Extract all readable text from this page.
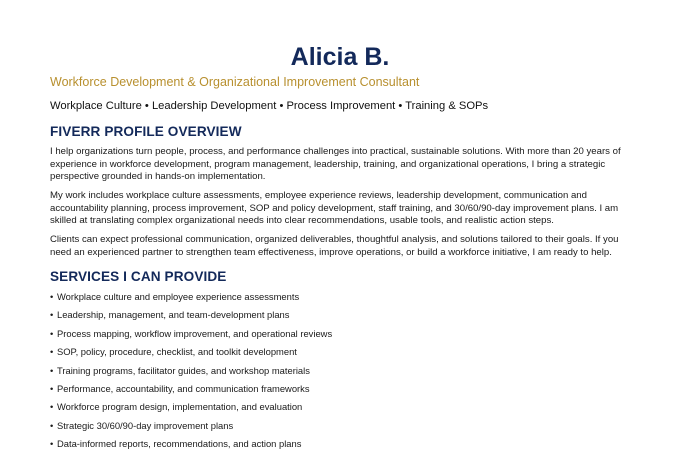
Alicia B.
Workforce Development & Organizational Improvement Consultant
Workplace Culture • Leadership Development • Process Improvement • Training & SOPs
FIVERR PROFILE OVERVIEW
I help organizations turn people, process, and performance challenges into practical, sustainable solutions. With more than 20 years of experience in workforce development, program management, leadership, training, and organizational operations, I bring a strategic perspective grounded in hands-on implementation.
My work includes workplace culture assessments, employee experience reviews, leadership development, communication and accountability planning, process improvement, SOP and policy development, staff training, and 30/60/90-day improvement plans. I am skilled at translating complex organizational needs into clear recommendations, usable tools, and realistic action steps.
Clients can expect professional communication, organized deliverables, thoughtful analysis, and solutions tailored to their goals. If you need an experienced partner to strengthen team effectiveness, improve operations, or build a workforce initiative, I am ready to help.
SERVICES I CAN PROVIDE
• Workplace culture and employee experience assessments
• Leadership, management, and team-development plans
• Process mapping, workflow improvement, and operational reviews
• SOP, policy, procedure, checklist, and toolkit development
• Training programs, facilitator guides, and workshop materials
• Performance, accountability, and communication frameworks
• Workforce program design, implementation, and evaluation
• Strategic 30/60/90-day improvement plans
• Data-informed reports, recommendations, and action plans
